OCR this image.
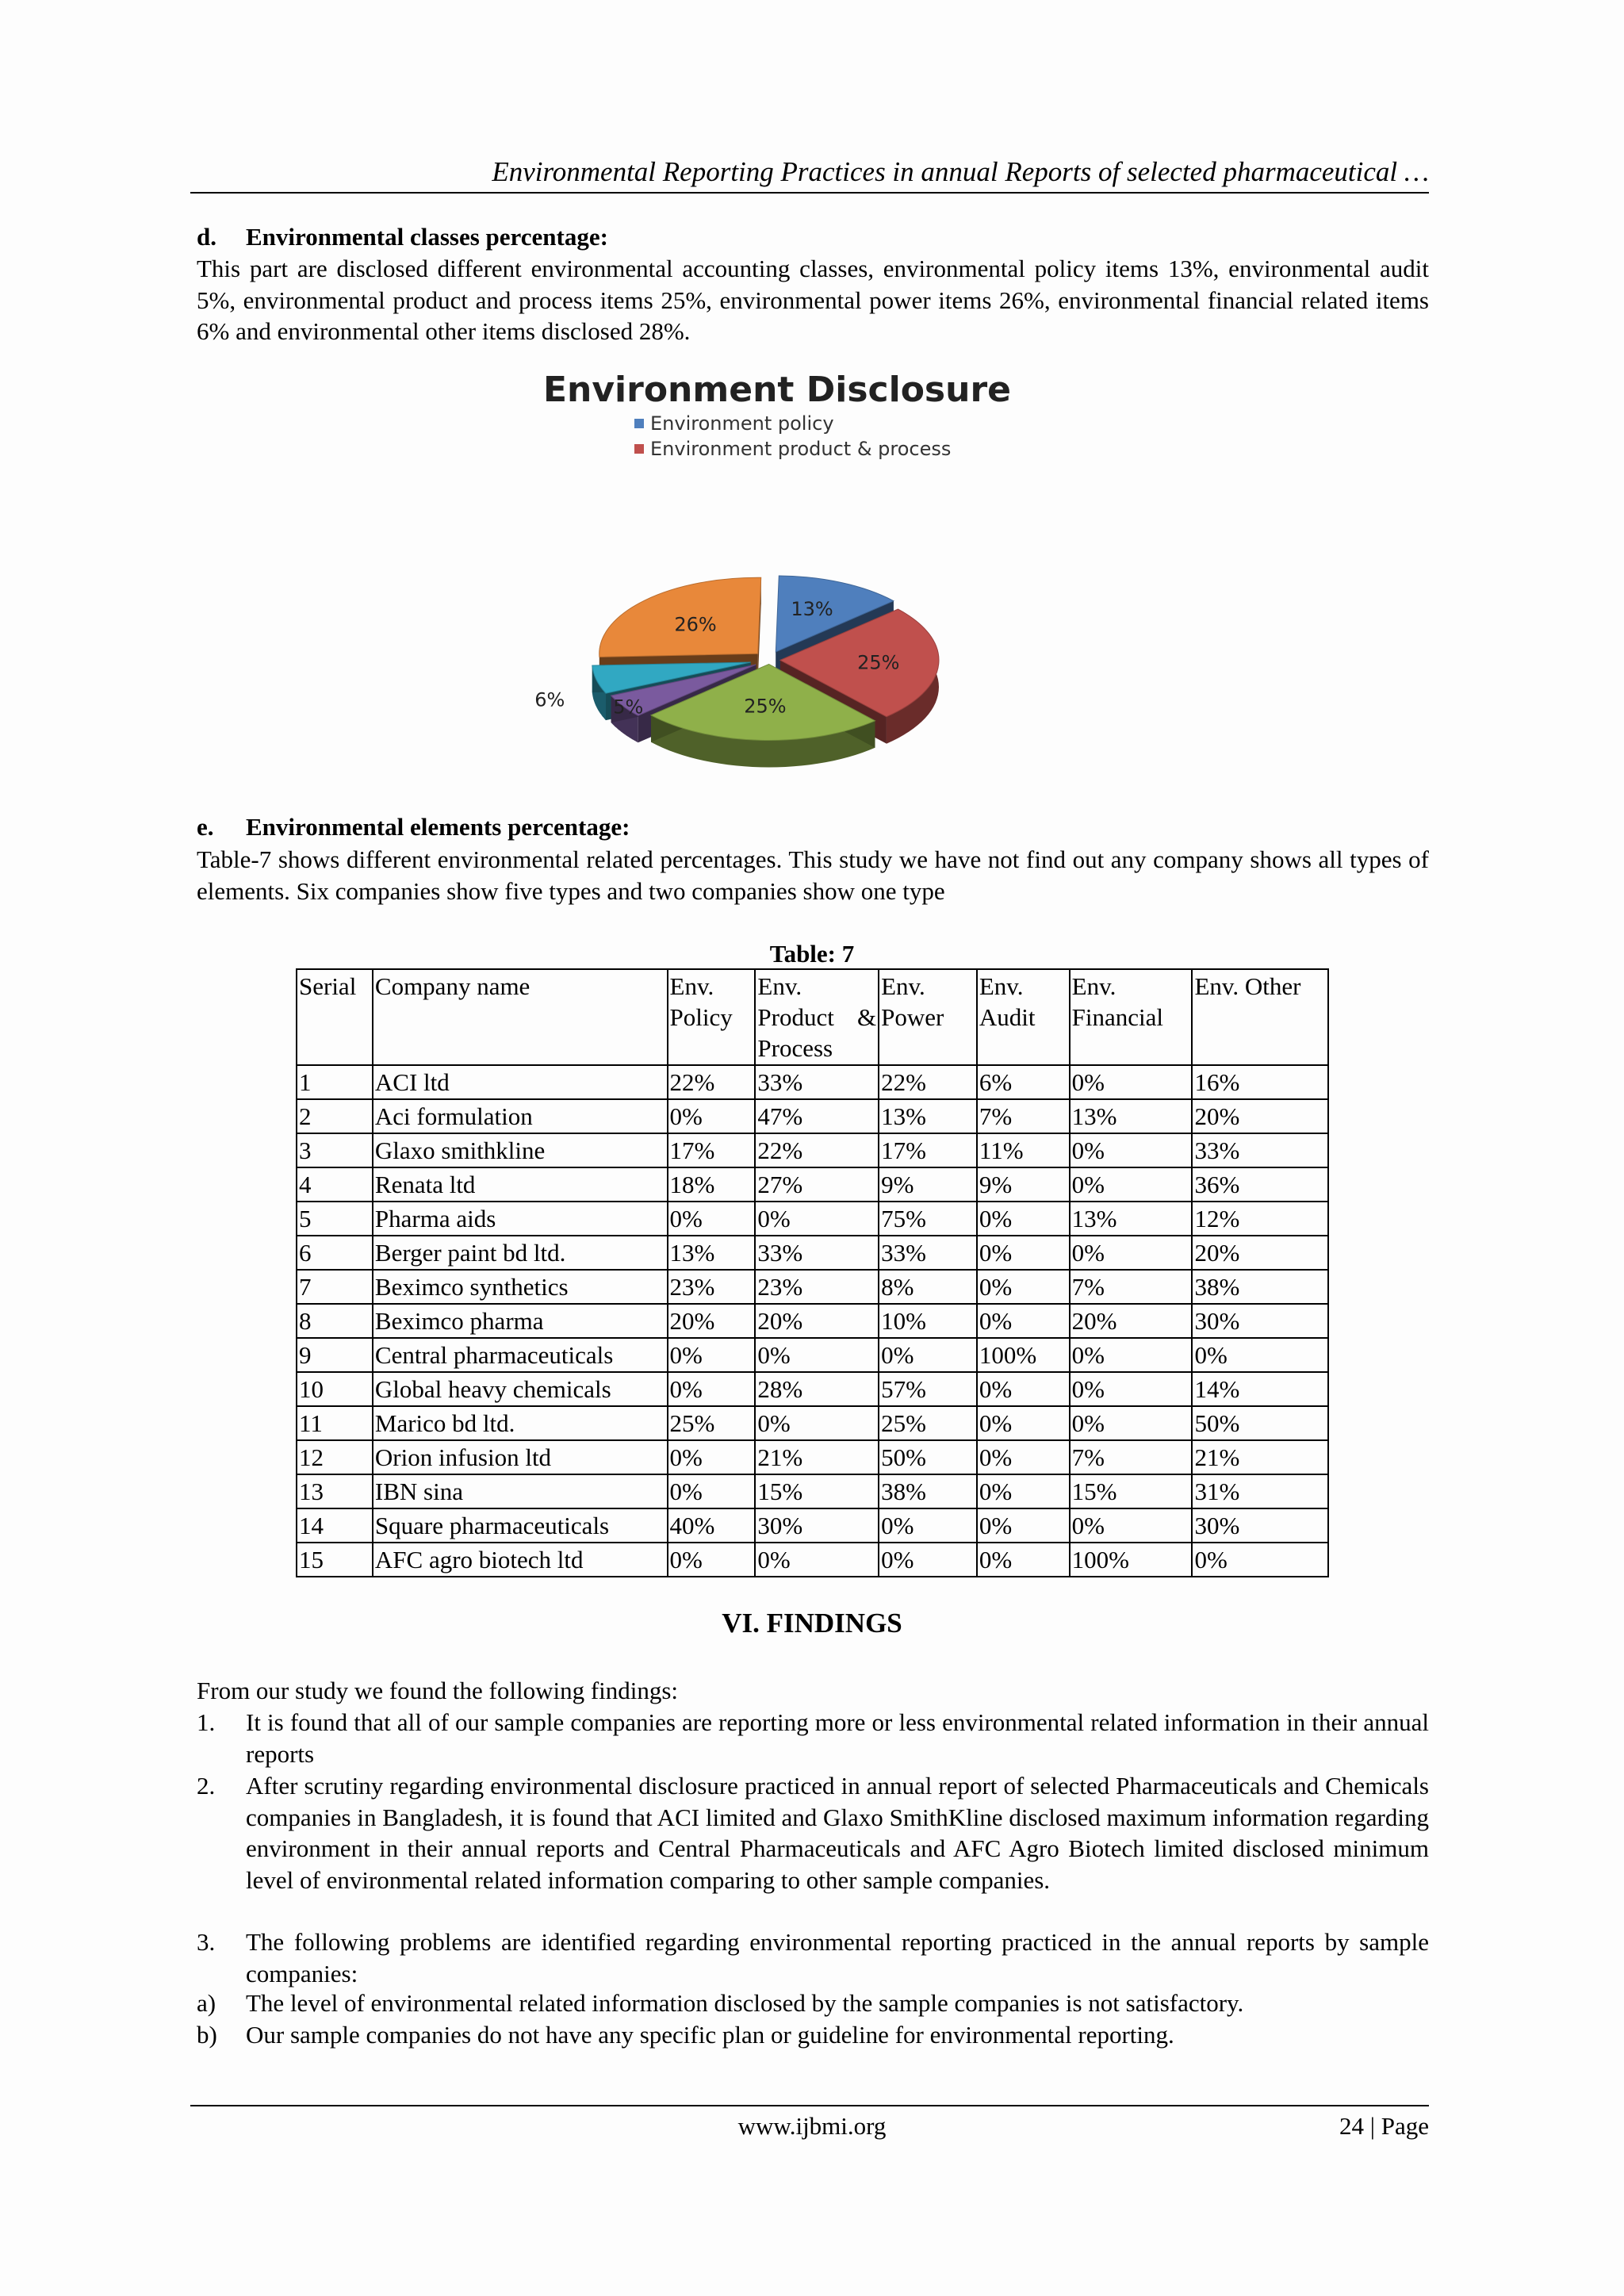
Environmental Reporting Practices in annual Reports of selected pharmaceutical …
d. Environmental classes percentage:
This part are disclosed different environmental accounting classes, environmental policy items 13%, environmental audit 5%, environmental product and process items 25%, environmental power items 26%, environmental financial related items 6% and environmental other items disclosed 28%.
Environment Disclosure
Environment policy
Environment product & process
13%
25%
25%
5%
6%
26%
e. Environmental elements percentage:
Table-7 shows different environmental related percentages. This study we have not find out any company shows all types of elements. Six companies show five types and two companies show one type
Table: 7
Serial	Company name	Env. Policy	Env. Product & Process	Env. Power	Env. Audit	Env. Financial	Env. Other
1	ACI ltd	22%	33%	22%	6%	0%	16%
2	Aci formulation	0%	47%	13%	7%	13%	20%
3	Glaxo smithkline	17%	22%	17%	11%	0%	33%
4	Renata ltd	18%	27%	9%	9%	0%	36%
5	Pharma aids	0%	0%	75%	0%	13%	12%
6	Berger paint bd ltd.	13%	33%	33%	0%	0%	20%
7	Beximco synthetics	23%	23%	8%	0%	7%	38%
8	Beximco pharma	20%	20%	10%	0%	20%	30%
9	Central pharmaceuticals	0%	0%	0%	100%	0%	0%
10	Global heavy chemicals	0%	28%	57%	0%	0%	14%
11	Marico bd ltd.	25%	0%	25%	0%	0%	50%
12	Orion infusion ltd	0%	21%	50%	0%	7%	21%
13	IBN sina	0%	15%	38%	0%	15%	31%
14	Square pharmaceuticals	40%	30%	0%	0%	0%	30%
15	AFC agro biotech ltd	0%	0%	0%	0%	100%	0%
VI. FINDINGS
From our study we found the following findings:
1. It is found that all of our sample companies are reporting more or less environmental related information in their annual reports
2. After scrutiny regarding environmental disclosure practiced in annual report of selected Pharmaceuticals and Chemicals companies in Bangladesh, it is found that ACI limited and Glaxo SmithKline disclosed maximum information regarding environment in their annual reports and Central Pharmaceuticals and AFC Agro Biotech limited disclosed minimum level of environmental related information comparing to other sample companies.
3. The following problems are identified regarding environmental reporting practiced in the annual reports by sample companies:
a) The level of environmental related information disclosed by the sample companies is not satisfactory.
b) Our sample companies do not have any specific plan or guideline for environmental reporting.
www.ijbmi.org	24 | Page
